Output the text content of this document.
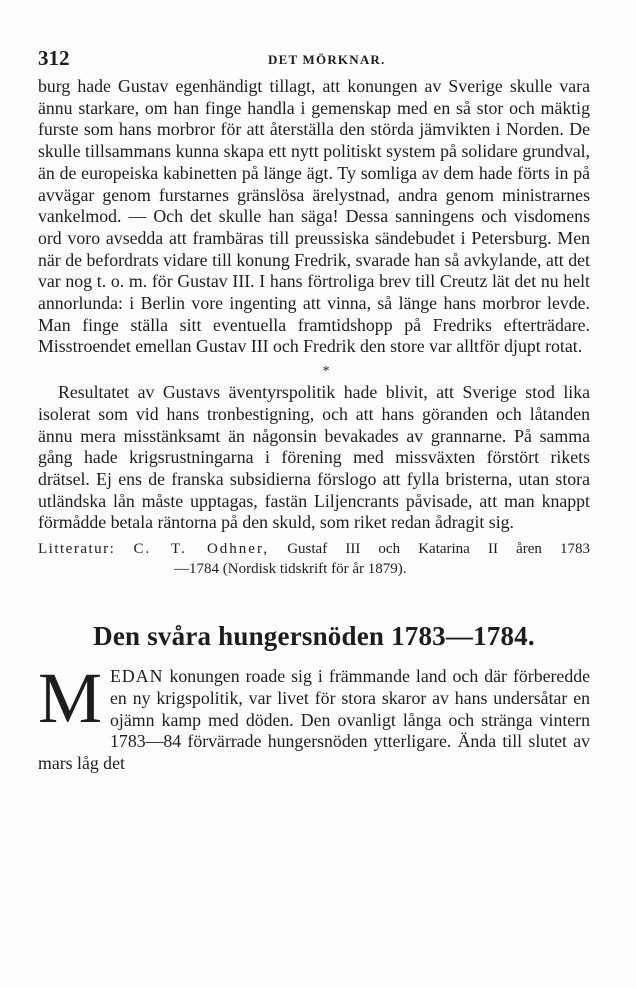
312	DET MÖRKNAR.

burg hade Gustav egenhändigt tillagt, att konungen av Sverige skulle vara ännu starkare, om han finge handla i gemenskap med en så stor och mäktig furste som hans morbror för att återställa den störda jämvikten i Norden. De skulle tillsammans kunna skapa ett nytt politiskt system på solidare grundval, än de europeiska kabinetten på länge ägt. Ty somliga av dem hade förts in på avvägar genom furstarnes gränslösa ärelystnad, andra genom ministrarnes vankelmod. — Och det skulle han säga! Dessa sanningens och visdomens ord voro avsedda att frambäras till preussiska sändebudet i Petersburg. Men när de befordrats vidare till konung Fredrik, svarade han så avkylande, att det var nog t. o. m. för Gustav III. I hans förtroliga brev till Creutz lät det nu helt annorlunda: i Berlin vore ingenting att vinna, så länge hans morbror levde. Man finge ställa sitt eventuella framtidshopp på Fredriks efterträdare. Misstroendet emellan Gustav III och Fredrik den store var alltför djupt rotat.

*

Resultatet av Gustavs äventyrspolitik hade blivit, att Sverige stod lika isolerat som vid hans tronbestigning, och att hans göranden och låtanden ännu mera misstänksamt än någonsin bevakades av grannarne. På samma gång hade krigsrustningarna i förening med missväxten förstört rikets drätsel. Ej ens de franska subsidierna förslogo att fylla bristerna, utan stora utländska lån måste upptagas, fastän Liljencrants påvisade, att man knappt förmådde betala räntorna på den skuld, som riket redan ådragit sig.

Litteratur: C. T. Odhner, Gustaf III och Katarina II åren 1783
—1784 (Nordisk tidskrift för år 1879).
Den svåra hungersnöden 1783—1784.

MEDAN konungen roade sig i främmande land och där förberedde en ny krigspolitik, var livet för stora skaror av hans undersåtar en ojämn kamp med döden. Den ovanligt långa och stränga vintern 1783—84 förvärrade hungersnöden ytterligare. Ända till slutet av mars låg det
